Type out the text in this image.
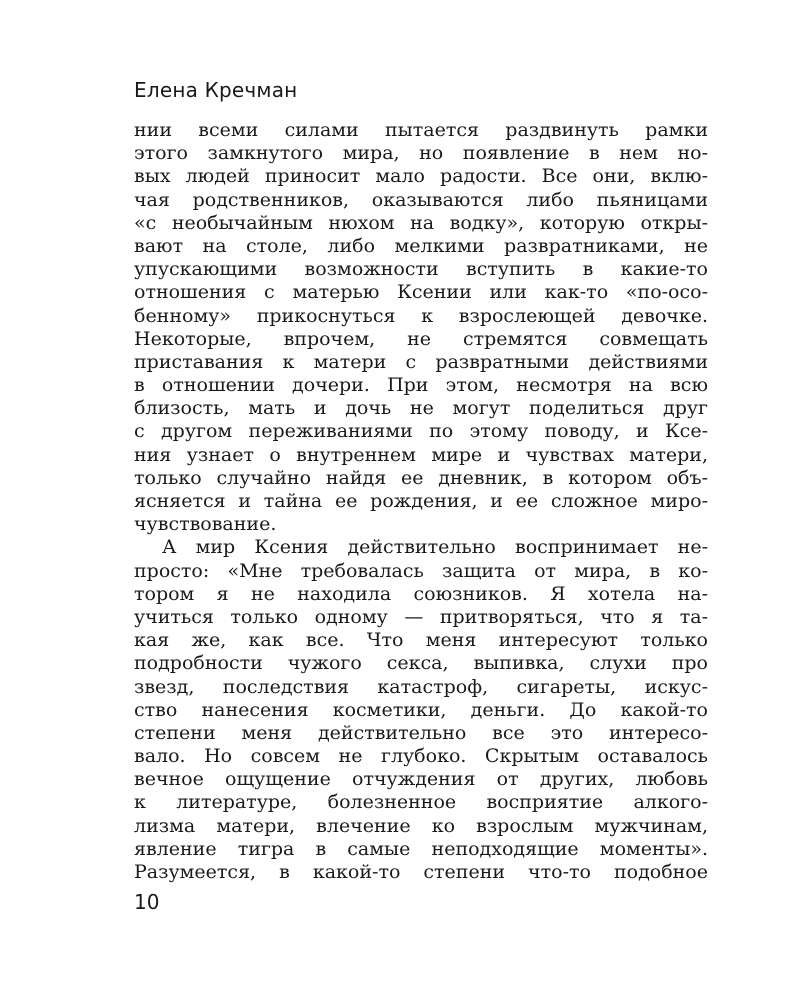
Елена Кречман
нии всеми силами пытается раздвинуть рамки
этого замкнутого мира, но появление в нем но-
вых людей приносит мало радости. Все они, вклю-
чая родственников, оказываются либо пьяницами
«с необычайным нюхом на водку», которую откры-
вают на столе, либо мелкими развратниками, не
упускающими возможности вступить в какие-то
отношения с матерью Ксении или как-то «по-осо-
бенному» прикоснуться к взрослеющей девочке.
Некоторые, впрочем, не стремятся совмещать
приставания к матери с развратными действиями
в отношении дочери. При этом, несмотря на всю
близость, мать и дочь не могут поделиться друг
с другом переживаниями по этому поводу, и Ксе-
ния узнает о внутреннем мире и чувствах матери,
только случайно найдя ее дневник, в котором объ-
ясняется и тайна ее рождения, и ее сложное миро-
чувствование.
А мир Ксения действительно воспринимает не-
просто: «Мне требовалась защита от мира, в ко-
тором я не находила союзников. Я хотела на-
учиться только одному — притворяться, что я та-
кая же, как все. Что меня интересуют только
подробности чужого секса, выпивка, слухи про
звезд, последствия катастроф, сигареты, искус-
ство нанесения косметики, деньги. До какой-то
степени меня действительно все это интересо-
вало. Но совсем не глубоко. Скрытым оставалось
вечное ощущение отчуждения от других, любовь
к литературе, болезненное восприятие алкого-
лизма матери, влечение ко взрослым мужчинам,
явление тигра в самые неподходящие моменты».
Разумеется, в какой-то степени что-то подобное
10
